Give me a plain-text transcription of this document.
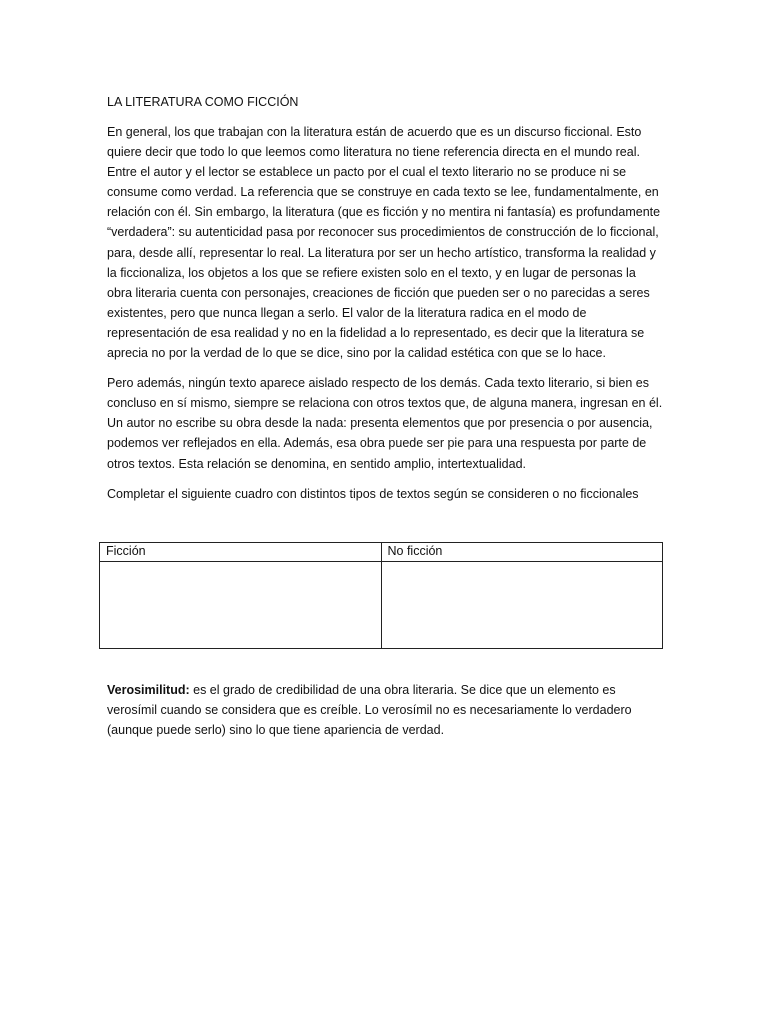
LA LITERATURA COMO FICCIÓN

En general, los que trabajan con la literatura están de acuerdo que es un discurso ficcional. Esto quiere decir que todo lo que leemos como literatura no tiene referencia directa en el mundo real. Entre el autor y el lector se establece un pacto por el cual el texto literario no se produce ni se consume como verdad. La referencia que se construye en cada texto se lee, fundamentalmente, en relación con él. Sin embargo, la literatura (que es ficción y no mentira ni fantasía) es profundamente “verdadera”: su autenticidad pasa por reconocer sus procedimientos de construcción de lo ficcional, para, desde allí, representar lo real. La literatura por ser un hecho artístico, transforma la realidad y la ficcionaliza, los objetos a los que se refiere existen solo en el texto, y en lugar de personas la obra literaria cuenta con personajes, creaciones de ficción que pueden ser o no parecidas a seres existentes, pero que nunca llegan a serlo. El valor de la literatura radica en el modo de representación de esa realidad y no en la fidelidad a lo representado, es decir que la literatura se aprecia no por la verdad de lo que se dice, sino por la calidad estética con que se lo hace.

Pero además, ningún texto aparece aislado respecto de los demás. Cada texto literario, si bien es concluso en sí mismo, siempre se relaciona con otros textos que, de alguna manera, ingresan en él. Un autor no escribe su obra desde la nada: presenta elementos que por presencia o por ausencia, podemos ver reflejados en ella. Además, esa obra puede ser pie para una respuesta por parte de otros textos. Esta relación se denomina, en sentido amplio, intertextualidad.

Completar el siguiente cuadro con distintos tipos de textos según se consideren o no ficcionales

Ficción	No ficción

Verosimilitud: es el grado de credibilidad de una obra literaria. Se dice que un elemento es verosímil cuando se considera que es creíble. Lo verosímil no es necesariamente lo verdadero (aunque puede serlo) sino lo que tiene apariencia de verdad.
